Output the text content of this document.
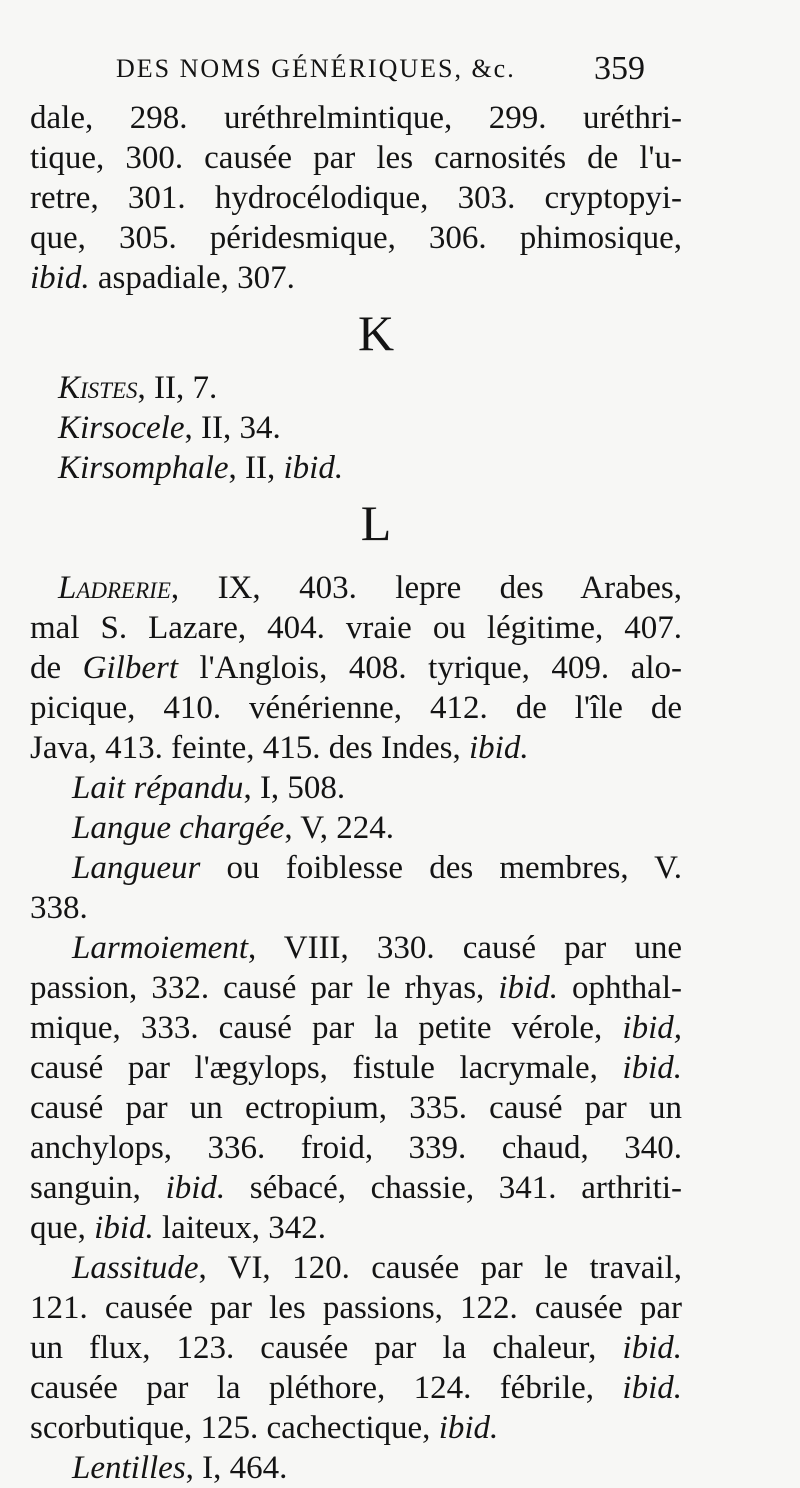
DES NOMS GÉNÉRIQUES, &c. 359
dale, 298. uréthrelmintique, 299. uréthri-
tique, 300. causée par les carnosités de l'u-
retre, 301. hydrocélodique, 303. cryptopyi-
que, 305. péridesmique, 306. phimosique,
ibid. aspadiale, 307.
K
Kistes, II, 7.
Kirsocele, II, 34.
Kirsomphale, II, ibid.
L
Ladrerie, IX, 403. lepre des Arabes,
mal S. Lazare, 404. vraie ou légitime, 407.
de Gilbert l'Anglois, 408. tyrique, 409. alo-
picique, 410. vénérienne, 412. de l'île de
Java, 413. feinte, 415. des Indes, ibid.
Lait répandu, I, 508.
Langue chargée, V, 224.
Langueur ou foiblesse des membres, V.
338.
Larmoiement, VIII, 330. causé par une
passion, 332. causé par le rhyas, ibid. ophthal-
mique, 333. causé par la petite vérole, ibid,
causé par l'ægylops, fistule lacrymale, ibid.
causé par un ectropium, 335. causé par un
anchylops, 336. froid, 339. chaud, 340.
sanguin, ibid. sébacé, chassie, 341. arthriti-
que, ibid. laiteux, 342.
Lassitude, VI, 120. causée par le travail,
121. causée par les passions, 122. causée par
un flux, 123. causée par la chaleur, ibid.
causée par la pléthore, 124. fébrile, ibid.
scorbutique, 125. cachectique, ibid.
Lentilles, I, 464.
